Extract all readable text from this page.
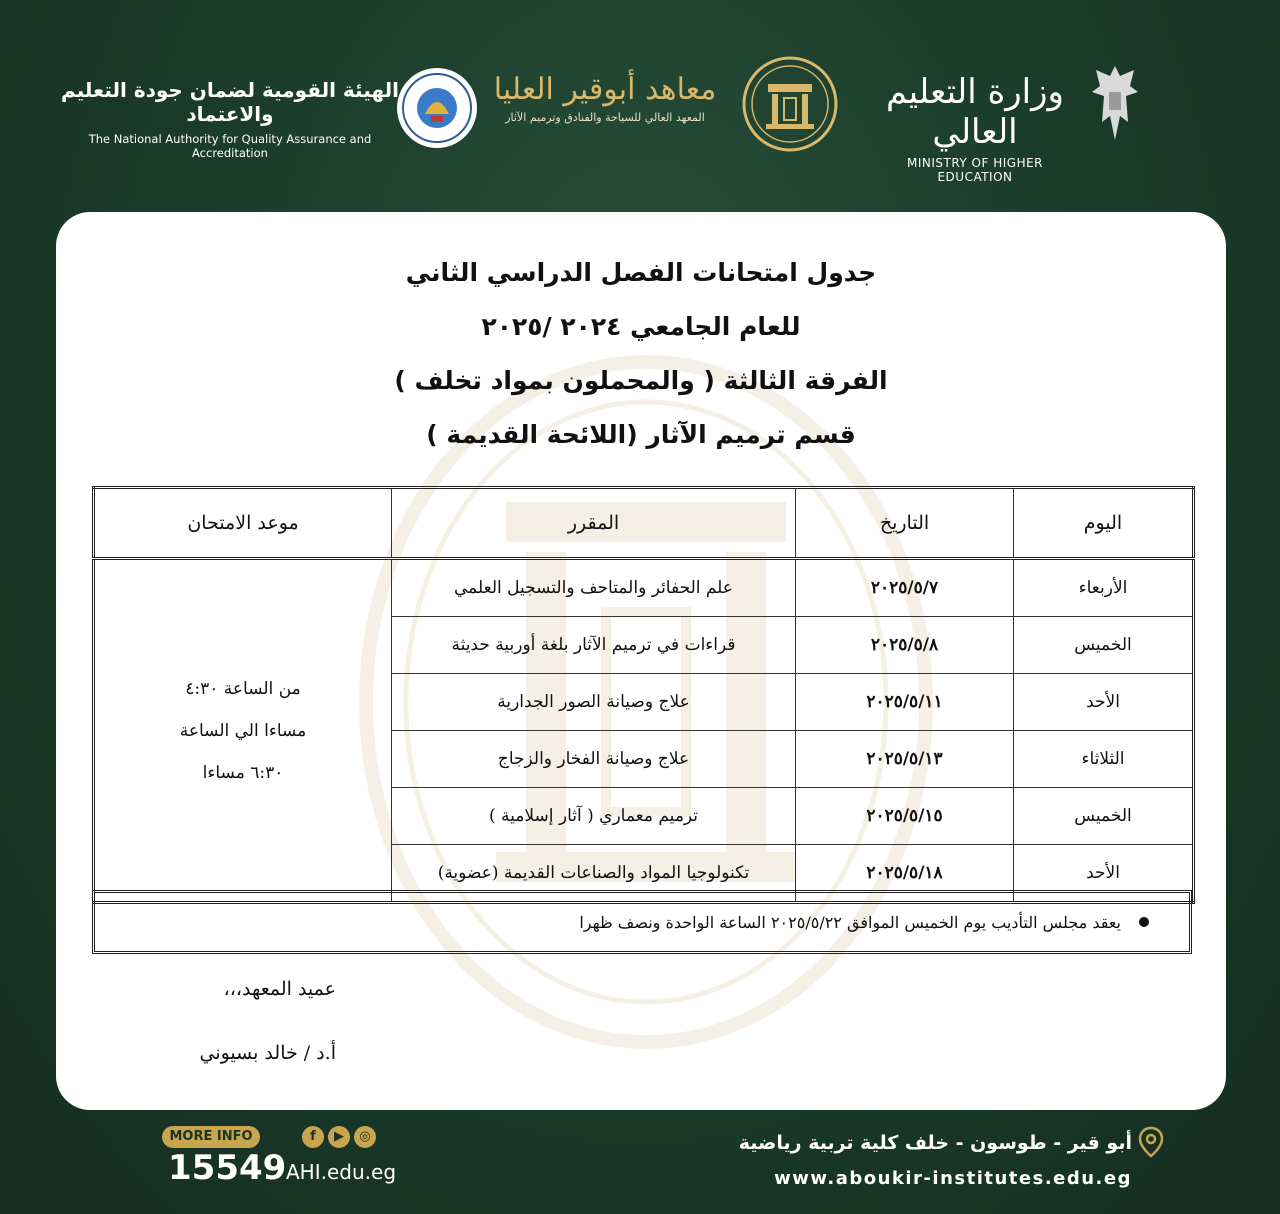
وزارة التعليم العالي
MINISTRY OF HIGHER EDUCATION
معاهد أبوقير العليا
المعهد العالي للسياحة والفنادق وترميم الآثار
الهيئة القومية لضمان جودة التعليم والاعتماد
The National Authority for Quality Assurance and Accreditation
جدول امتحانات الفصل الدراسي الثاني
للعام الجامعي ٢٠٢٤ /٢٠٢٥
الفرقة الثالثة ( والمحملون بمواد تخلف )
قسم ترميم الآثار (اللائحة القديمة )
اليوم	التاريخ	المقرر	موعد الامتحان
الأربعاء	٢٠٢٥/٥/٧	علم الحفائر والمتاحف والتسجيل العلمي	من الساعة ٤:٣٠
مساءا الي الساعة
٦:٣٠ مساءا

الخميس	٢٠٢٥/٥/٨	قراءات في ترميم الآثار بلغة أوربية حديثة	
الأحد	٢٠٢٥/٥/١١	علاج وصيانة الصور الجدارية	
الثلاثاء	٢٠٢٥/٥/١٣	علاج وصيانة الفخار والزجاج	
الخميس	٢٠٢٥/٥/١٥	ترميم معماري ( آثار إسلامية )	
الأحد	٢٠٢٥/٥/١٨	تكنولوجيا المواد والصناعات القديمة (عضوية)	
يعقد مجلس التأديب يوم الخميس الموافق ٢٠٢٥/٥/٢٢ الساعة الواحدة ونصف ظهرا
عميد المعهد،،،
أ.د / خالد بسيوني
MORE INFO
15549
f	▶	◎
AHI.edu.eg
أبو قير - طوسون - خلف كلية تربية رياضية
www.aboukir-institutes.edu.eg
